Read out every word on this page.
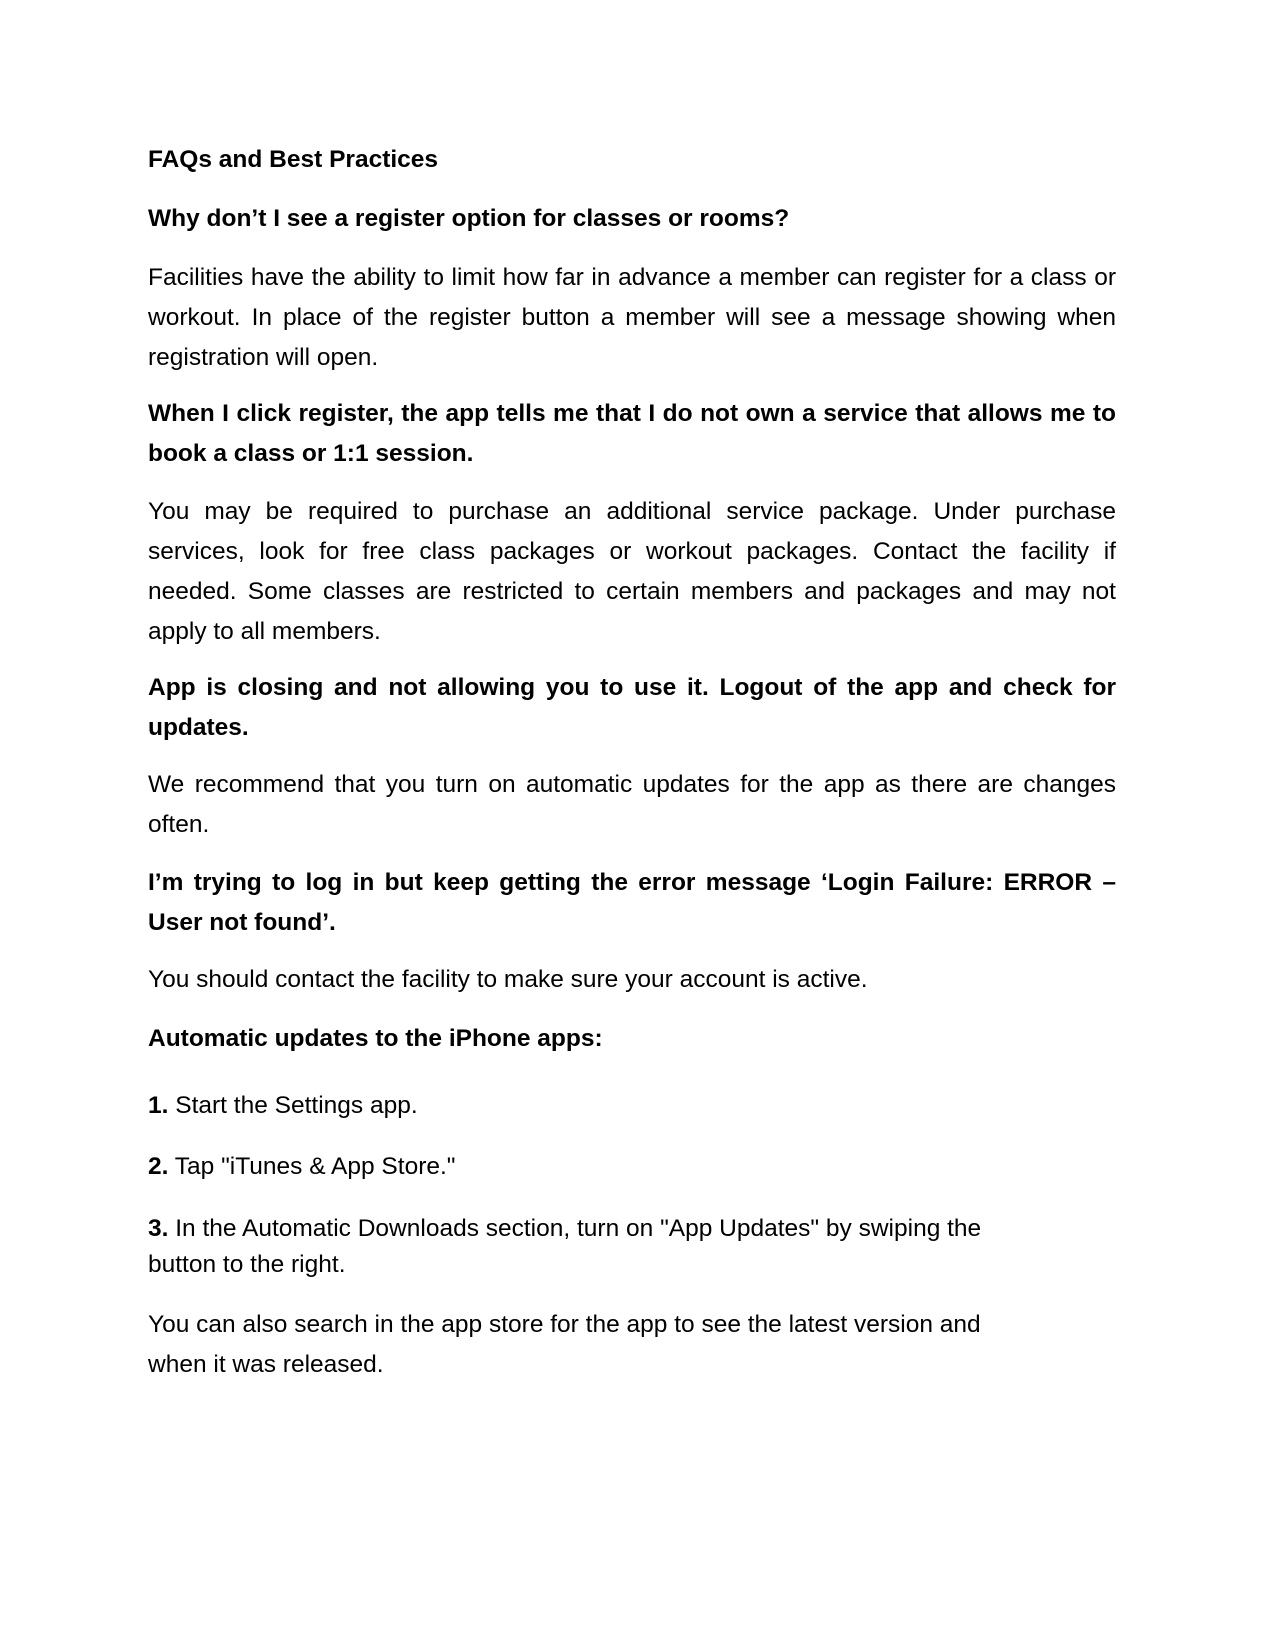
FAQs and Best Practices

Why don’t I see a register option for classes or rooms?

Facilities have the ability to limit how far in advance a member can register for a class or workout. In place of the register button a member will see a message showing when registration will open.

When I click register, the app tells me that I do not own a service that allows me to book a class or 1:1 session.

You may be required to purchase an additional service package. Under purchase services, look for free class packages or workout packages. Contact the facility if needed. Some classes are restricted to certain members and packages and may not apply to all members.

App is closing and not allowing you to use it. Logout of the app and check for updates.

We recommend that you turn on automatic updates for the app as there are changes often.

I’m trying to log in but keep getting the error message ‘Login Failure: ERROR – User not found’.

You should contact the facility to make sure your account is active.

Automatic updates to the iPhone apps:

1. Start the Settings app.

2. Tap "iTunes & App Store."

3. In the Automatic Downloads section, turn on "App Updates" by swiping the button to the right.

You can also search in the app store for the app to see the latest version and when it was released.
